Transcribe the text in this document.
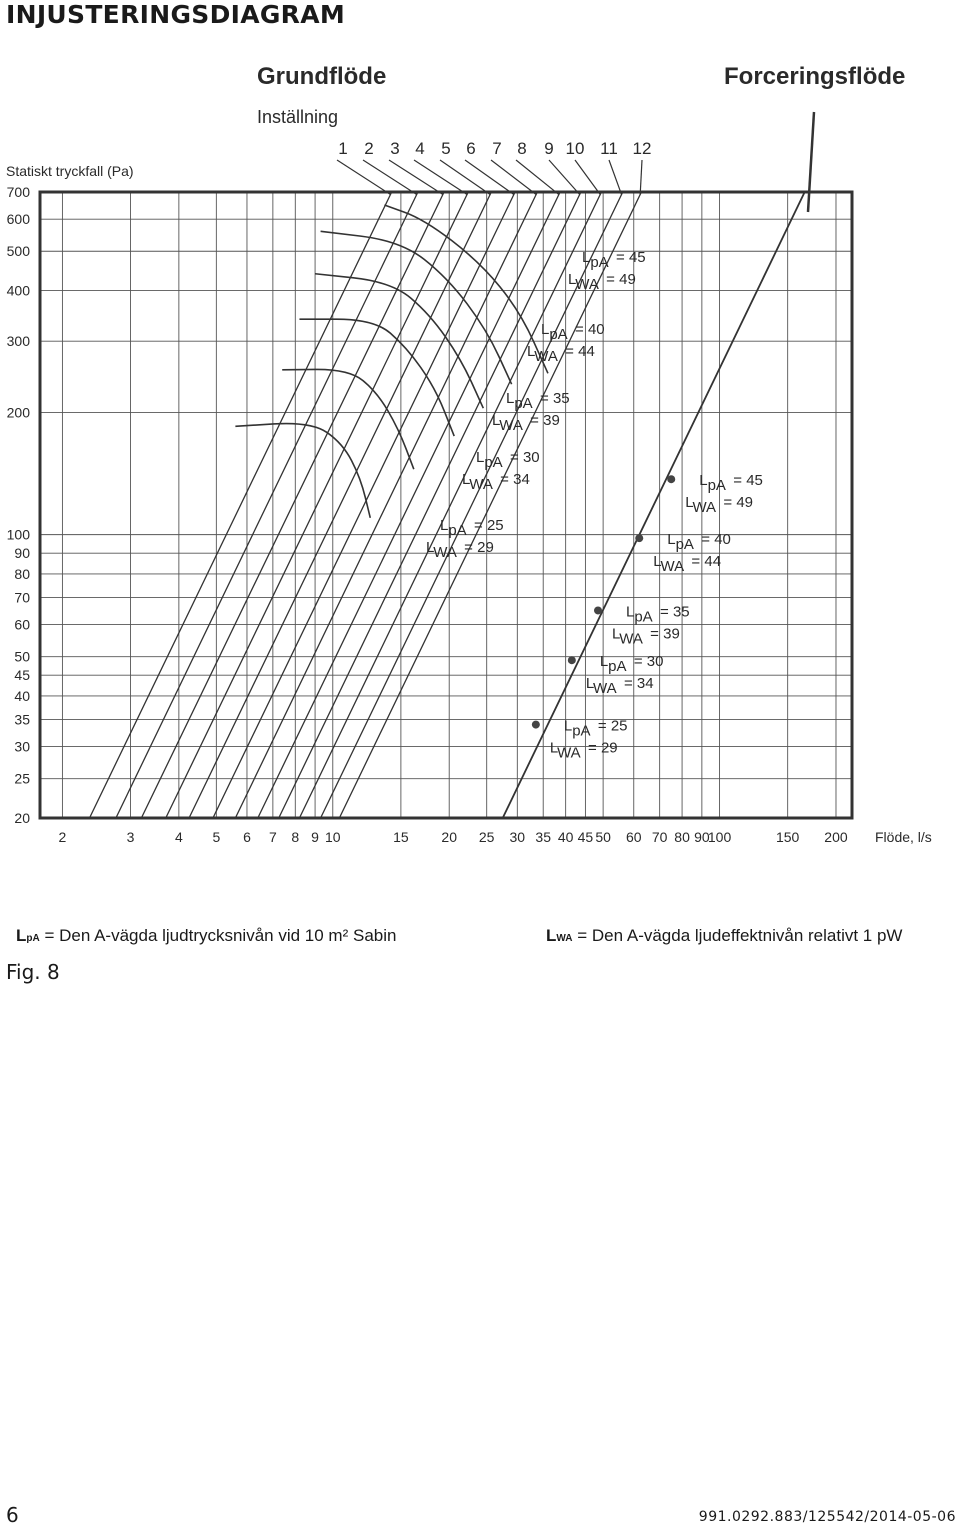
INJUSTERINGSDIAGRAM
2	3	4 5 6 7 8 9 10	15 20 25 30 35 40 45 50 60 70 80 90
100	150 200
20
25
30
35
40
45
50
60
70
80
90
100
200
300
400
500
600
700
1 2 3 4 5 6 7 8 9 10 11 12
Grundflöde	Forceringsflöde
Inställning
Statiskt tryckfall (Pa)
Flöde, l/s
LpA = 25
LWA = 29
LpA = 30
LWA = 34
LpA = 35
LWA = 39
LpA = 40
LWA = 44
LpA = 45
LWA = 49
LpA = 25
LWA = 29
LpA = 30
LWA = 34
LpA = 35
LWA = 39
LpA = 40
LWA = 44
LpA = 45
LWA = 49
LpA = Den A-vägda ljudtrycksnivån vid 10 m² Sabin	LWA = Den A-vägda ljudeffektnivån relativt 1 pW
Fig. 8
6	991.0292.883/125542/2014-05-06
